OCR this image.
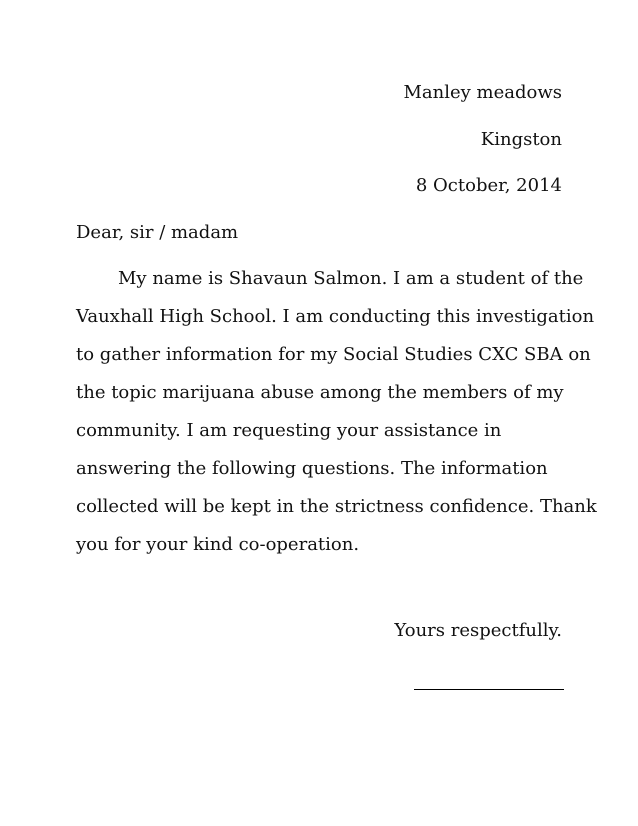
Manley meadows
Kingston
8 October, 2014
Dear, sir / madam
My name is Shavaun Salmon. I am a student of the
Vauxhall High School. I am conducting this investigation
to gather information for my Social Studies CXC SBA on
the topic marijuana abuse among the members of my
community. I am requesting your assistance in
answering the following questions. The information
collected will be kept in the strictness confidence. Thank
you for your kind co-operation.
Yours respectfully.
